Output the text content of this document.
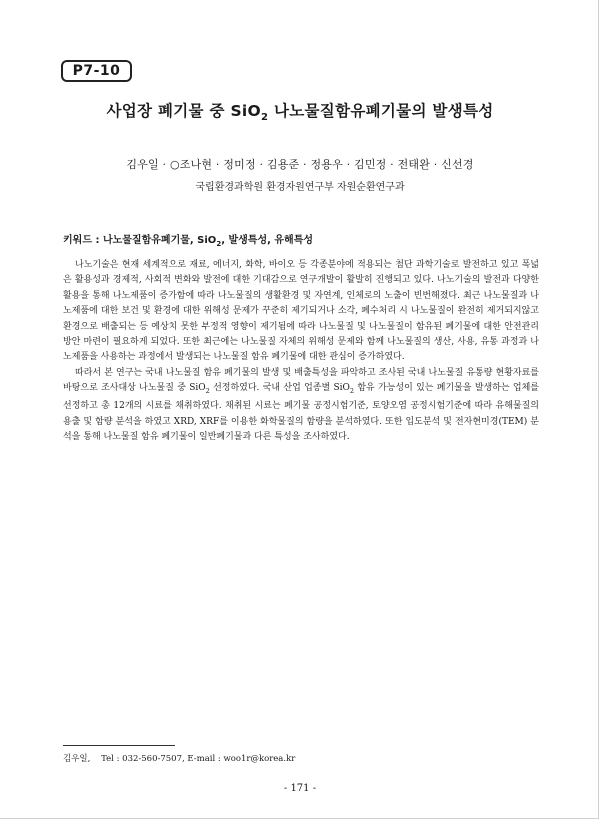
P7-10
사업장 폐기물 중 SiO$_2$ 나노물질함유폐기물의 발생특성
김우일 · ○조나현 · 정미정 · 김용준 · 정용우 · 김민정 · 전태완 · 신선경
국립환경과학원 환경자원연구부 자원순환연구과
키워드 : 나노물질함유폐기물, SiO$_2$, 발생특성, 유해특성

나노기술은 현재 세계적으로 재료, 에너지, 화학, 바이오 등 각종분야에 적용되는 첨단 과학기술로 발전하고 있고 폭넓은 활용성과 경제적, 사회적 변화와 발전에 대한 기대감으로 연구개발이 활발히 진행되고 있다. 나노기술의 발전과 다양한 활용을 통해 나노제품이 증가함에 따라 나노물질의 생활환경 및 자연계, 인체로의 노출이 빈번해졌다. 최근 나노물질과 나노제품에 대한 보건 및 환경에 대한 위해성 문제가 꾸준히 제기되거나 소각, 폐수처리 시 나노물질이 완전히 제거되지않고 환경으로 배출되는 등 예상치 못한 부정적 영향이 제기됨에 따라 나노물질 및 나노물질이 함유된 폐기물에 대한 안전관리 방안 마련이 필요하게 되었다. 또한 최근에는 나노물질 자체의 위해성 문제와 함께 나노물질의 생산, 사용, 유통 과정과 나노제품을 사용하는 과정에서 발생되는 나노물질 함유 폐기물에 대한 관심이 증가하였다.

따라서 본 연구는 국내 나노물질 함유 폐기물의 발생 및 배출특성을 파악하고 조사된 국내 나노물질 유통량 현황자료를 바탕으로 조사대상 나노물질 중 SiO$_2$ 선정하였다. 국내 산업 업종별 SiO$_2$ 함유 가능성이 있는 폐기물을 발생하는 업체를 선정하고 총 12개의 시료를 채취하였다. 채취된 시료는 폐기물 공정시험기준, 토양오염 공정시험기준에 따라 유해물질의 용출 및 함량 분석을 하였고 XRD, XRF를 이용한 화학물질의 함량을 분석하였다. 또한 입도분석 및 전자현미경(TEM) 분석을 통해 나노물질 함유 폐기물이 일반폐기물과 다른 특성을 조사하였다.

김우일,    Tel : 032-560-7507, E-mail : woo1r@korea.kr
- 171 -
